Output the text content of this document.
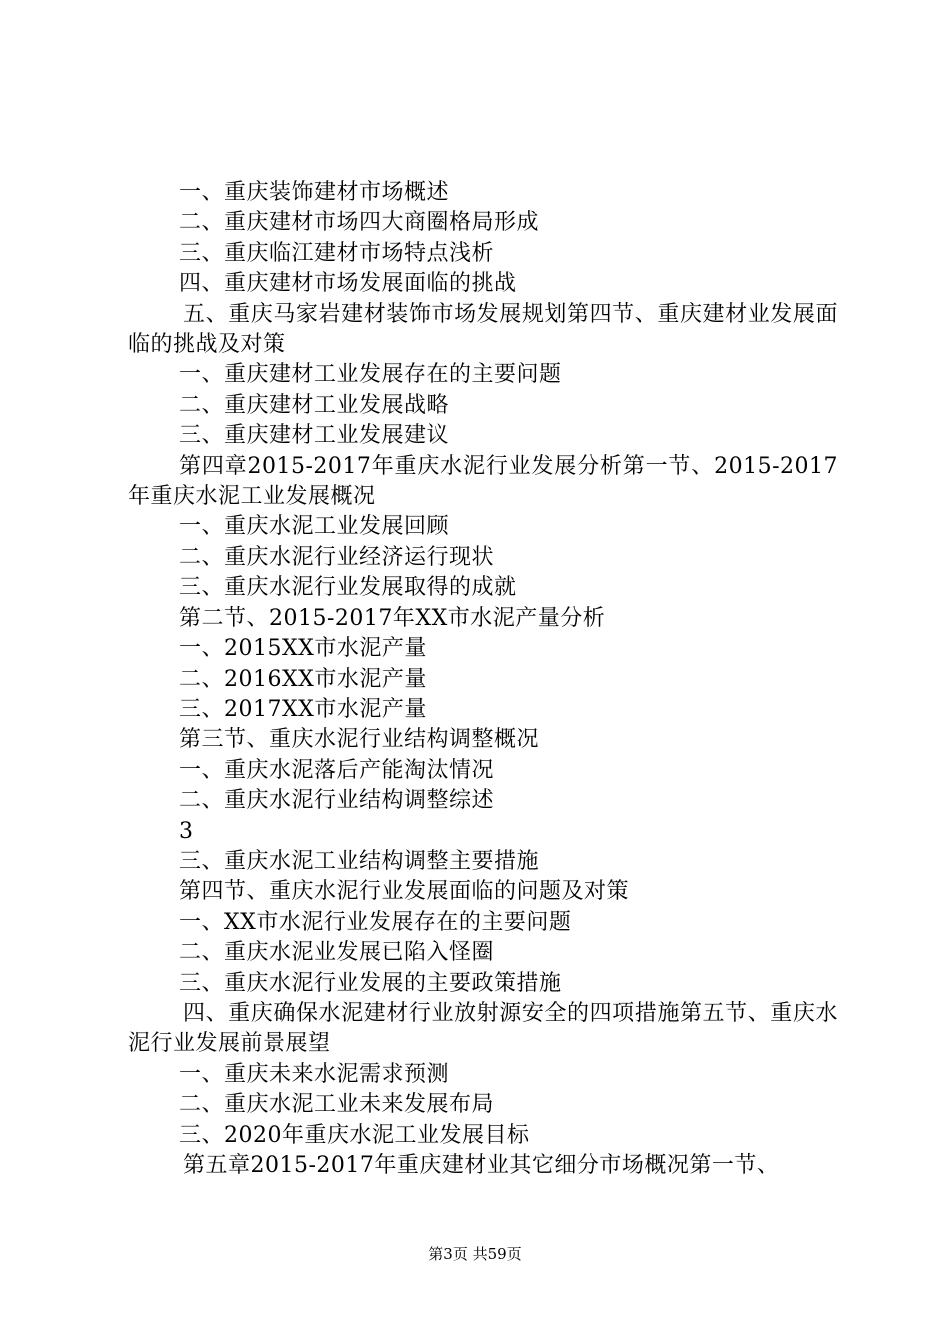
一、重庆装饰建材市场概述
二、重庆建材市场四大商圈格局形成
三、重庆临江建材市场特点浅析
四、重庆建材市场发展面临的挑战
五、重庆马家岩建材装饰市场发展规划第四节、重庆建材业发展面临的挑战及对策
一、重庆建材工业发展存在的主要问题
二、重庆建材工业发展战略
三、重庆建材工业发展建议
第四章2015-2017年重庆水泥行业发展分析第一节、2015-2017年重庆水泥工业发展概况
一、重庆水泥工业发展回顾
二、重庆水泥行业经济运行现状
三、重庆水泥行业发展取得的成就
第二节、2015-2017年XX市水泥产量分析
一、2015XX市水泥产量
二、2016XX市水泥产量
三、2017XX市水泥产量
第三节、重庆水泥行业结构调整概况
一、重庆水泥落后产能淘汰情况
二、重庆水泥行业结构调整综述
3
三、重庆水泥工业结构调整主要措施
第四节、重庆水泥行业发展面临的问题及对策
一、XX市水泥行业发展存在的主要问题
二、重庆水泥业发展已陷入怪圈
三、重庆水泥行业发展的主要政策措施
四、重庆确保水泥建材行业放射源安全的四项措施第五节、重庆水泥行业发展前景展望
一、重庆未来水泥需求预测
二、重庆水泥工业未来发展布局
三、2020年重庆水泥工业发展目标
第五章2015-2017年重庆建材业其它细分市场概况第一节、
第3页 共59页
